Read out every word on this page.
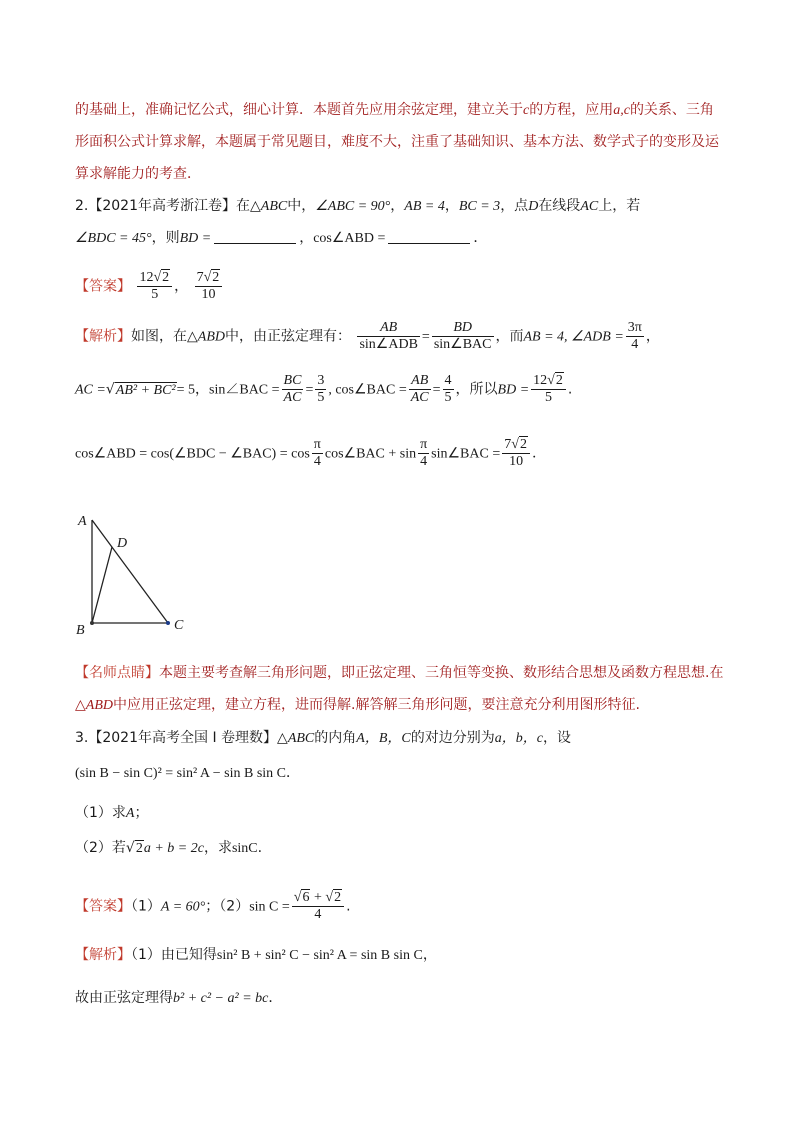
的基础上，准确记忆公式，细心计算．本题首先应用余弦定理，建立关于c的方程，应用a,c的关系、三角
形面积公式计算求解，本题属于常见题目，难度不大，注重了基础知识、基本方法、数学式子的变形及运
算求解能力的考查．
2.【2021年高考浙江卷】在△ABC中，∠ABC = 90°，AB = 4，BC = 3，点D在线段AC上，若
∠BDC = 45°，则BD =	，cos∠ABD =	．
【答案】 $\frac{12√2}{5}$ ， $\frac{7√2}{10}$
【解析】如图，在△ABD中，由正弦定理有： $\frac{AB}{\text{sin∠ADB}} = \frac{BD}{\text{sin∠BAC}}$ ，而AB = 4, ∠ADB = $\frac{3\pi}{4}$ ，
AC =√AB² + BC²= 5，sin∠BAC = $\frac{BC}{AC} = \frac{3}{5}$ , cos∠BAC = $\frac{AB}{AC} = \frac{4}{5}$ ，所以BD = $\frac{12√2}{5}$ .
cos∠ABD = cos(∠BDC − ∠BAC) = $\cos \frac{\pi}{4}$ cos∠BAC + $\sin \frac{\pi}{4}$ sin∠BAC = $\frac{7√2}{10}$ .
A
D
B	C
【名师点睛】本题主要考查解三角形问题，即正弦定理、三角恒等变换、数形结合思想及函数方程思想.在
△ABD中应用正弦定理，建立方程，进而得解.解答解三角形问题，要注意充分利用图形特征.
3.【2021年高考全国 I 卷理数】△ABC的内角A，B，C的对边分别为a，b，c，设
(sin B − sin C)² = sin² A − sin B sin C．
（1）求A；
（2）若√2a + b = 2c，求sinC.
【答案】（1）A = 60°；（2）sin $C = \frac{√6 + √2}{4}$ .
【解析】（1）由已知得sin² B + sin² C − sin² A = sin B sin C，
故由正弦定理得b² + c² − a² = bc．
